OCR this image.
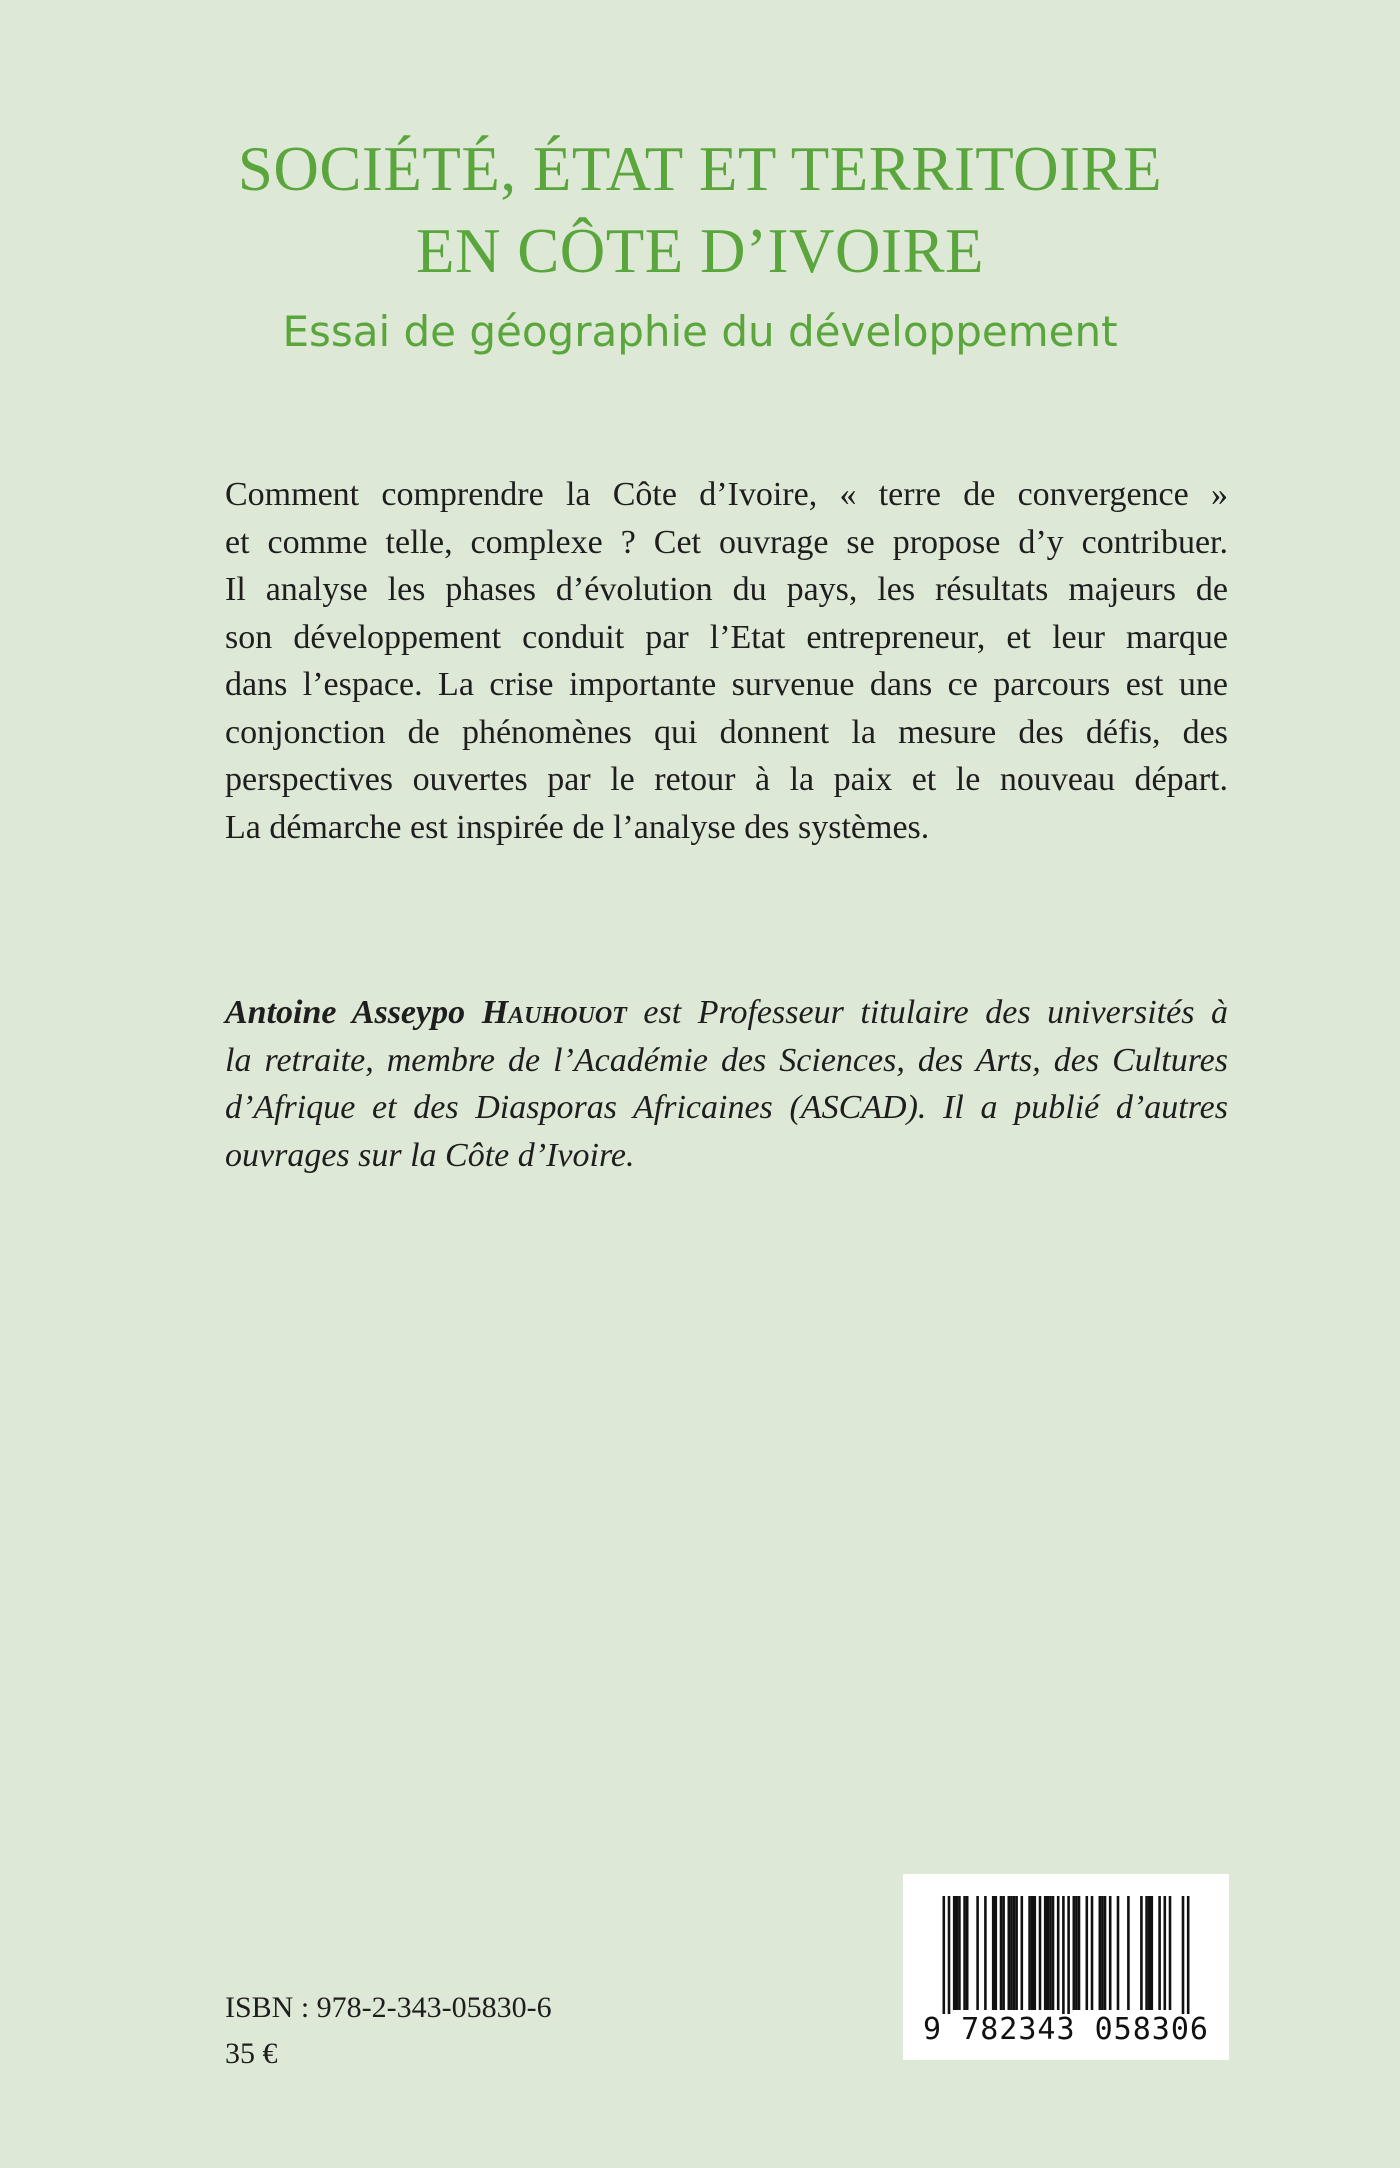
SOCIÉTÉ, ÉTAT ET TERRITOIRE
EN CÔTE D’IVOIRE
Essai de géographie du développement

Comment comprendre la Côte d’Ivoire, « terre de convergence »
et comme telle, complexe ? Cet ouvrage se propose d’y contribuer.
Il analyse les phases d’évolution du pays, les résultats majeurs de
son développement conduit par l’Etat entrepreneur, et leur marque
dans l’espace. La crise importante survenue dans ce parcours est une
conjonction de phénomènes qui donnent la mesure des défis, des
perspectives ouvertes par le retour à la paix et le nouveau départ.
La démarche est inspirée de l’analyse des systèmes.

Antoine Asseypo Hauhouot est Professeur titulaire des universités à
la retraite, membre de l’Académie des Sciences, des Arts, des Cultures
d’Afrique et des Diasporas Africaines (ASCAD). Il a publié d’autres
ouvrages sur la Côte d’Ivoire.

ISBN : 978-2-343-05830-6
35 €
9 782343 058306
